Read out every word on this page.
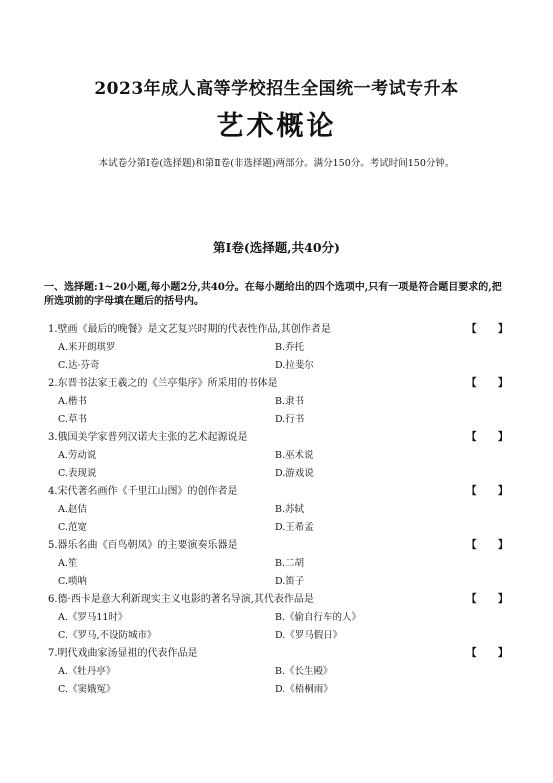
2023年成人高等学校招生全国统一考试专升本
艺术概论
本试卷分第Ⅰ卷(选择题)和第Ⅱ卷(非选择题)两部分。满分150分。考试时间150分钟。
第Ⅰ卷(选择题,共40分)
一、选择题:1~20小题,每小题2分,共40分。在每小题给出的四个选项中,只有一项是符合题目要求的,把所选项前的字母填在题后的括号内。
1.壁画《最后的晚餐》是文艺复兴时期的代表性作品,其创作者是	【 】
A.米开朗琪罗	B.乔托
C.达·芬奇	D.拉斐尔
2.东晋书法家王羲之的《兰亭集序》所采用的书体是	【 】
A.楷书	B.隶书
C.草书	D.行书
3.俄国美学家普列汉诺夫主张的艺术起源说是	【 】
A.劳动说	B.巫术说
C.表现说	D.游戏说
4.宋代著名画作《千里江山图》的创作者是	【 】
A.赵佶	B.苏轼
C.范宽	D.王希孟
5.器乐名曲《百鸟朝凤》的主要演奏乐器是	【 】
A.笙	B.二胡
C.唢呐	D.笛子
6.德·西卡是意大利新现实主义电影的著名导演,其代表作品是	【 】
A.《罗马11时》	B.《偷自行车的人》
C.《罗马,不设防城市》	D.《罗马假日》
7.明代戏曲家汤显祖的代表作品是	【 】
A.《牡丹亭》	B.《长生殿》
C.《窦娥冤》	D.《梧桐雨》
